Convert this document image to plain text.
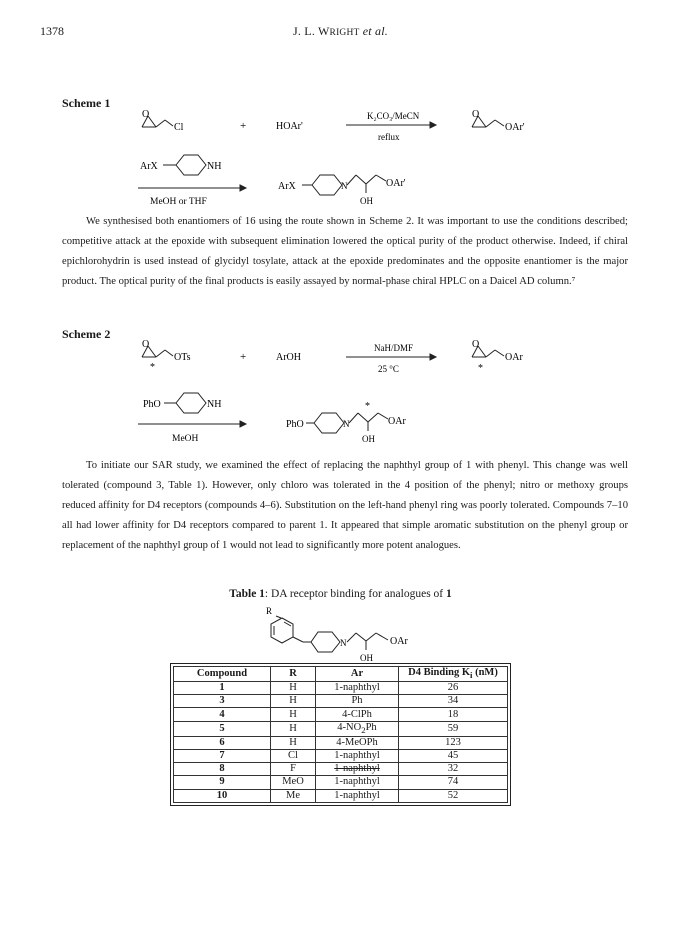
1378	J. L. WRIGHT et al.
Scheme 1
O
Cl	+	HOAr'
K₂CO₃/MeCN
reflux
O
OAr'
ArX	NH
MeOH or THF
ArX	N	OAr'
OH

We synthesised both enantiomers of 16 using the route shown in Scheme 2. It was important to use the conditions described; competitive attack at the epoxide with subsequent elimination lowered the optical purity of the product otherwise. Indeed, if chiral epichlorohydrin is used instead of glycidyl tosylate, attack at the epoxide predominates and the opposite enantiomer is the major product. The optical purity of the final products is easily assayed by normal-phase chiral HPLC on a Daicel AD column.⁷

Scheme 2
O
OTs
*
+	ArOH
NaH/DMF
25 °C
O
OAr
*
PhO	NH
MeOH
PhO	N
*
OAr
OH

To initiate our SAR study, we examined the effect of replacing the naphthyl group of 1 with phenyl. This change was well tolerated (compound 3, Table 1). However, only chloro was tolerated in the 4 position of the phenyl; nitro or methoxy groups reduced affinity for D4 receptors (compounds 4–6). Substitution on the left-hand phenyl ring was poorly tolerated. Compounds 7–10 all had lower affinity for D4 receptors compared to parent 1. It appeared that simple aromatic substitution on the phenyl group or replacement of the naphthyl group of 1 would not lead to significantly more potent analogues.

Table 1: DA receptor binding for analogues of 1
R
N	OAr
OH
Compound	R	Ar	D4 Binding $K_i$ (nM)
1	H	1-naphthyl	26
3	H	Ph	34
4	H	4-ClPh	18
5	H	$4-NO_2Ph$	59
6	H	4-MeOPh	123
7	Cl	1-naphthyl	45
8	F	1-naphthyl	32
9	MeO	1-naphthyl	74
10	Me	1-naphthyl	52
